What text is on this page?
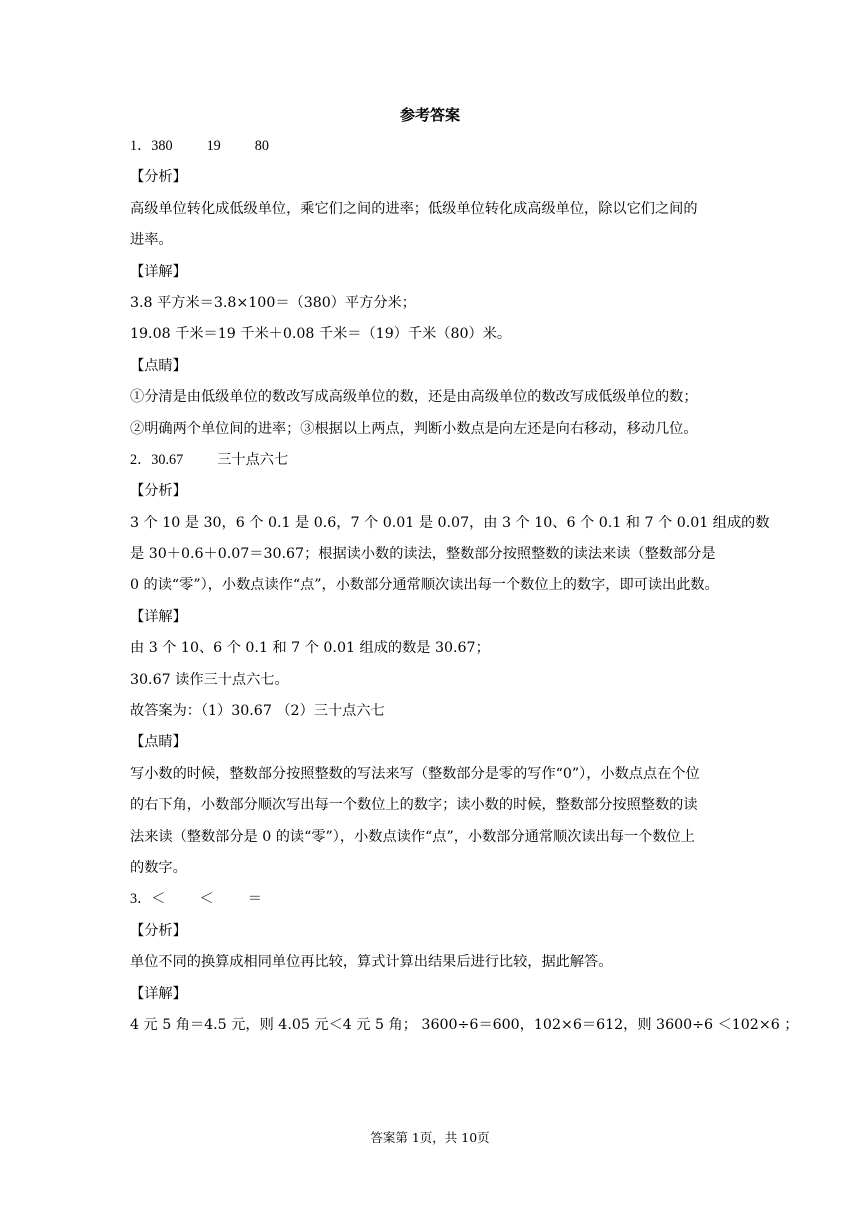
参考答案
1．380 19 80
【分析】
高级单位转化成低级单位，乘它们之间的进率；低级单位转化成高级单位，除以它们之间的
进率。
【详解】
3.8 平方米＝3.8×100＝（380）平方分米；
19.08 千米＝19 千米＋0.08 千米＝（19）千米（80）米。
【点睛】
①分清是由低级单位的数改写成高级单位的数，还是由高级单位的数改写成低级单位的数；
②明确两个单位间的进率；③根据以上两点，判断小数点是向左还是向右移动，移动几位。
2．30.67 三十点六七
【分析】
3 个 10 是 30，6 个 0.1 是 0.6，7 个 0.01 是 0.07，由 3 个 10、6 个 0.1 和 7 个 0.01 组成的数
是 30＋0.6＋0.07＝30.67；根据读小数的读法，整数部分按照整数的读法来读（整数部分是
0 的读“零”），小数点读作“点”，小数部分通常顺次读出每一个数位上的数字，即可读出此数。
【详解】
由 3 个 10、6 个 0.1 和 7 个 0.01 组成的数是 30.67；
30.67 读作三十点六七。
故答案为：（1）30.67 （2）三十点六七
【点睛】
写小数的时候，整数部分按照整数的写法来写（整数部分是零的写作“0”），小数点点在个位
的右下角，小数部分顺次写出每一个数位上的数字；读小数的时候，整数部分按照整数的读
法来读（整数部分是 0 的读“零”），小数点读作“点”，小数部分通常顺次读出每一个数位上
的数字。
3．＜ ＜ ＝
【分析】
单位不同的换算成相同单位再比较，算式计算出结果后进行比较，据此解答。
【详解】
4 元 5 角＝4.5 元，则 4.05 元＜4 元 5 角； 3600÷6＝600，102×6＝612，则 3600÷6 ＜102×6 ；
答案第 1页，共 10页
